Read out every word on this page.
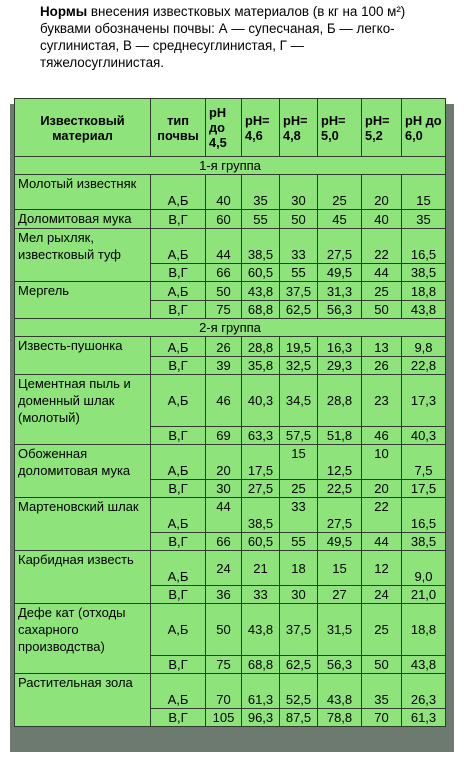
Нормы внесения известковых материалов (в кг на 100 м²) буквами обозначены почвы: А — супесчаная, Б — легко-суглинистая, В — среднесуглинистая, Г — тяжелосуглинистая.
Известковый материал	тип почвы	pH до 4,5	pH= 4,6	pH= 4,8	pH= 5,0	pH= 5,2	pH до 6,0
1-я группа							
Молотый известняк	А,Б	40	35	30	25	20	15
Доломитовая мука	В,Г	60	55	50	45	40	35
Мел рыхляк, известковый туф	А,Б	44	38,5	33	27,5	22	16,5
	В,Г	66	60,5	55	49,5	44	38,5
Мергель	А,Б	50	43,8	37,5	31,3	25	18,8
	В,Г	75	68,8	62,5	56,3	50	43,8
2-я группа							
Известь-пушонка	А,Б	26	28,8	19,5	16,3	13	9,8
	В,Г	39	35,8	32,5	29,3	26	22,8
Цементная пыль и доменный шлак (молотый)	А,Б	46	40,3	34,5	28,8	23	17,3
	В,Г	69	63,3	57,5	51,8	46	40,3
Обоженная доломитовая мука	А,Б	20	17,5	15	12,5	10	7,5
	В,Г	30	27,5	25	22,5	20	17,5
Мартеновский шлак	А,Б	44	38,5	33	27,5	22	16,5
	В,Г	66	60,5	55	49,5	44	38,5
Карбидная известь	А,Б	24	21	18	15	12	9,0
	В,Г	36	33	30	27	24	21,0
Дефе кат (отходы сахарного производства)	А,Б	50	43,8	37,5	31,5	25	18,8
	В,Г	75	68,8	62,5	56,3	50	43,8
Растительная зола	А,Б	70	61,3	52,5	43,8	35	26,3
	В,Г	105	96,3	87,5	78,8	70	61,3
